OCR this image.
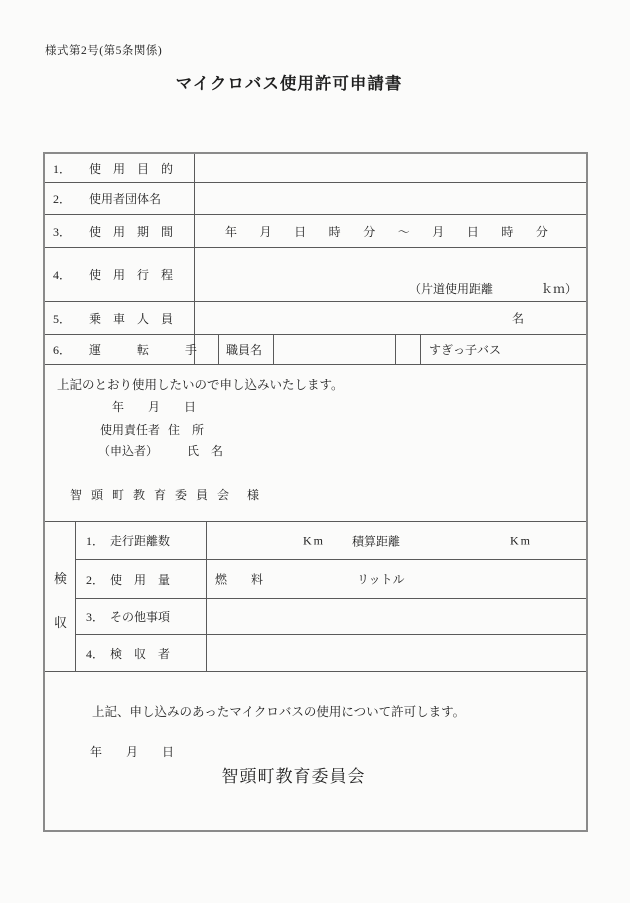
様式第2号(第5条関係)
マイクロバス使用許可申請書
1．　　使　用　目　的
2．　　使用者団体名
3．　　使　用　期　間	年 月 日 時 分 ～ 月 日 時 分
4．　　使　用　行　程
（片道使用距離　　　　ｋｍ）
5．　　乗　車　人　員	名
6．　　運　　　転　　　手	職員名	すぎっ子バス
上記のとおり使用したいので申し込みいたします。
年　　月　　日
使用責任者 住　所
（申込者） 氏　名
智 頭 町 教 育 委 員 会　様
検
収
1．　走行距離数	Km 積算距離	Km
2．　使　用　量	燃　　料	リットル
3．　その他事項
4．　検　収　者
上記、申し込みのあったマイクロバスの使用について許可します。
年　　月　　日
智頭町教育委員会
